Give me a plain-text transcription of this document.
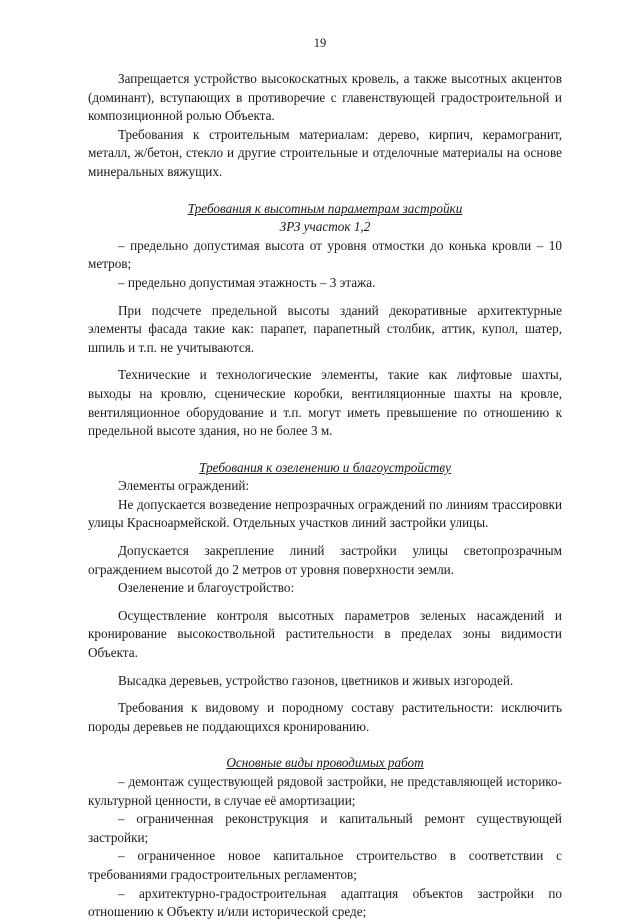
19

Запрещается устройство высокоскатных кровель, а также высотных акцентов (доминант), вступающих в противоречие с главенствующей градостроительной и композиционной ролью Объекта.

Требования к строительным материалам: дерево, кирпич, керамогранит, металл, ж/бетон, стекло и другие строительные и отделочные материалы на основе минеральных вяжущих.

Требования к высотным параметрам застройки

ЗРЗ участок 1,2

– предельно допустимая высота от уровня отмостки до конька кровли – 10 метров;

– предельно допустимая этажность – 3 этажа.

При подсчете предельной высоты зданий декоративные архитектурные элементы фасада такие как: парапет, парапетный столбик, аттик, купол, шатер, шпиль и т.п. не учитываются.

Технические и технологические элементы, такие как лифтовые шахты, выходы на кровлю, сценические коробки, вентиляционные шахты на кровле, вентиляционное оборудование и т.п. могут иметь превышение по отношению к предельной высоте здания, но не более 3 м.

Требования к озеленению и благоустройству

Элементы ограждений:

Не допускается возведение непрозрачных ограждений по линиям трассировки улицы Красноармейской. Отдельных участков линий застройки улицы.

Допускается закрепление линий застройки улицы светопрозрачным ограждением высотой до 2 метров от уровня поверхности земли.

Озеленение и благоустройство:

Осуществление контроля высотных параметров зеленых насаждений и кронирование высокоствольной растительности в пределах зоны видимости Объекта.

Высадка деревьев, устройство газонов, цветников и живых изгородей.

Требования к видовому и породному составу растительности: исключить породы деревьев не поддающихся кронированию.

Основные виды проводимых работ

– демонтаж существующей рядовой застройки, не представляющей историко-культурной ценности, в случае её амортизации;

– ограниченная реконструкция и капитальный ремонт существующей застройки;

– ограниченное новое капитальное строительство в соответствии с требованиями градостроительных регламентов;

– архитектурно-градостроительная адаптация объектов застройки по отношению к Объекту и/или исторической среде;
